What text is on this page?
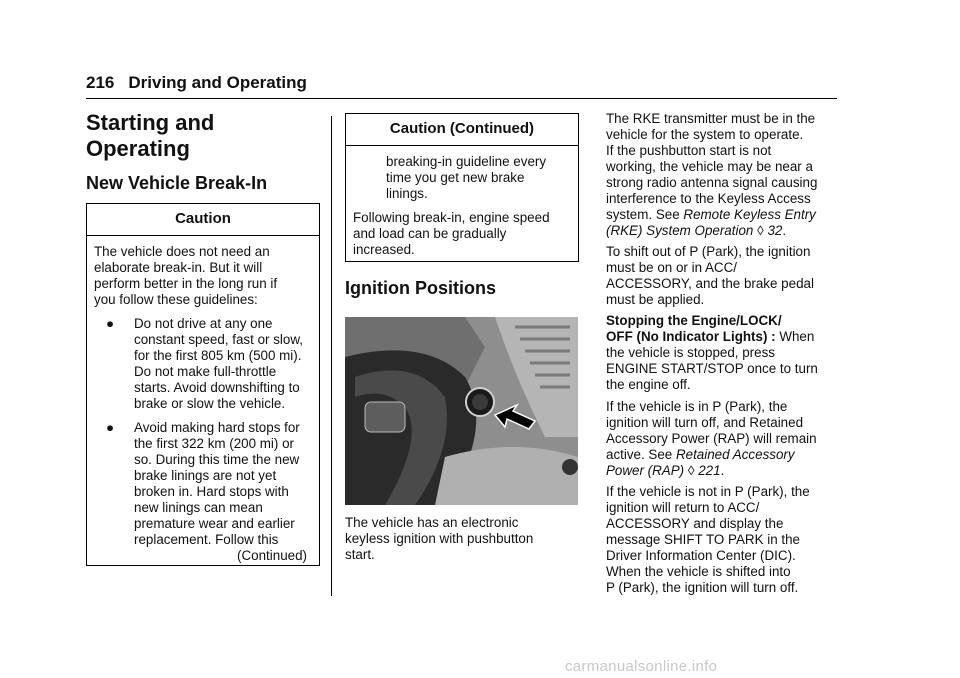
216 Driving and Operating
Starting and
Operating
New Vehicle Break-In
Caution
The vehicle does not need an
elaborate break-in. But it will
perform better in the long run if
you follow these guidelines:
● Do not drive at any one
constant speed, fast or slow,
for the first 805 km (500 mi).
Do not make full-throttle
starts. Avoid downshifting to
brake or slow the vehicle.
● Avoid making hard stops for
the first 322 km (200 mi) or
so. During this time the new
brake linings are not yet
broken in. Hard stops with
new linings can mean
premature wear and earlier
replacement. Follow this
(Continued)
Caution (Continued)
breaking-in guideline every
time you get new brake
linings.
Following break-in, engine speed
and load can be gradually
increased.
Ignition Positions
The vehicle has an electronic
keyless ignition with pushbutton
start.
The RKE transmitter must be in the
vehicle for the system to operate.
If the pushbutton start is not
working, the vehicle may be near a
strong radio antenna signal causing
interference to the Keyless Access
system. See Remote Keyless Entry
(RKE) System Operation ◊ 32.
To shift out of P (Park), the ignition
must be on or in ACC/
ACCESSORY, and the brake pedal
must be applied.
Stopping the Engine/LOCK/
OFF (No Indicator Lights) : When
the vehicle is stopped, press
ENGINE START/STOP once to turn
the engine off.
If the vehicle is in P (Park), the
ignition will turn off, and Retained
Accessory Power (RAP) will remain
active. See Retained Accessory
Power (RAP) ◊ 221.
If the vehicle is not in P (Park), the
ignition will return to ACC/
ACCESSORY and display the
message SHIFT TO PARK in the
Driver Information Center (DIC).
When the vehicle is shifted into
P (Park), the ignition will turn off.
carmanualsonline.info
